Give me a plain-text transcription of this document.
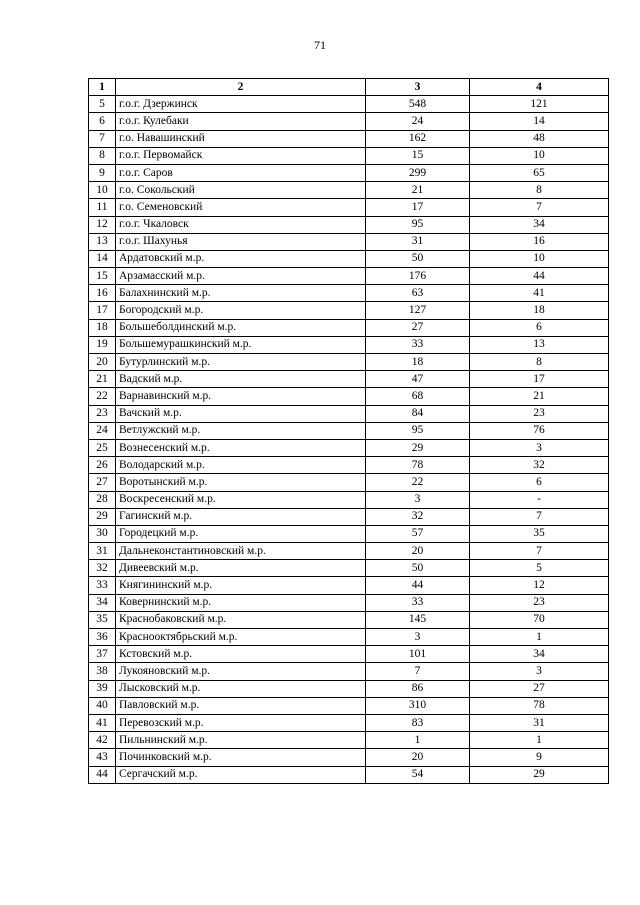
71
1	2	3	4
5	г.о.г. Дзержинск	548	121
6	г.о.г. Кулебаки	24	14
7	г.о. Навашинский	162	48
8	г.о.г. Первомайск	15	10
9	г.о.г. Саров	299	65
10	г.о. Сокольский	21	8
11	г.о. Семеновский	17	7
12	г.о.г. Чкаловск	95	34
13	г.о.г. Шахунья	31	16
14	Ардатовский м.р.	50	10
15	Арзамасский м.р.	176	44
16	Балахнинский м.р.	63	41
17	Богородский м.р.	127	18
18	Большеболдинский м.р.	27	6
19	Большемурашкинский м.р.	33	13
20	Бутурлинский м.р.	18	8
21	Вадский м.р.	47	17
22	Варнавинский м.р.	68	21
23	Вачский м.р.	84	23
24	Ветлужский м.р.	95	76
25	Вознесенский м.р.	29	3
26	Володарский м.р.	78	32
27	Воротынский м.р.	22	6
28	Воскресенский м.р.	3	-
29	Гагинский м.р.	32	7
30	Городецкий м.р.	57	35
31	Дальнеконстантиновский м.р.	20	7
32	Дивеевский м.р.	50	5
33	Княгининский м.р.	44	12
34	Ковернинский м.р.	33	23
35	Краснобаковский м.р.	145	70
36	Краснооктябрьский м.р.	3	1
37	Кстовский м.р.	101	34
38	Лукояновский м.р.	7	3
39	Лысковский м.р.	86	27
40	Павловский м.р.	310	78
41	Перевозский м.р.	83	31
42	Пильнинский м.р.	1	1
43	Починковский м.р.	20	9
44	Сергачский м.р.	54	29
